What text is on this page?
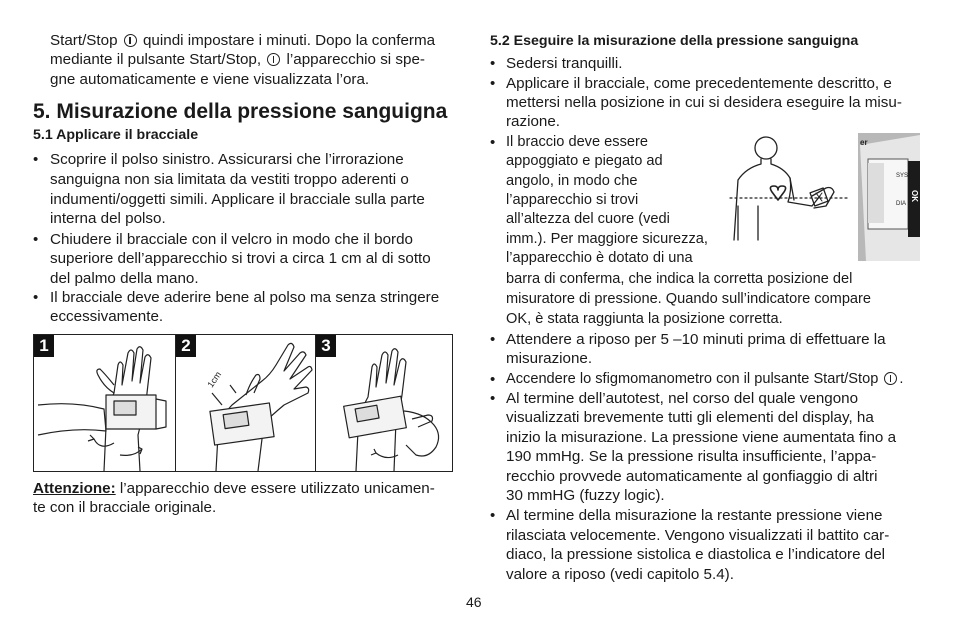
Start/Stop  quindi impostare i minuti. Dopo la conferma
mediante il pulsante Start/Stop,  l’apparecchio si spe-
gne automaticamente e viene visualizzata l’ora.
5. Misurazione della pressione sanguigna
5.1 Applicare il bracciale
• Scoprire il polso sinistro. Assicurarsi che l’irrorazione
sanguigna non sia limitata da vestiti troppo aderenti o
indumenti/oggetti simili. Applicare il bracciale sulla parte
interna del polso.
• Chiudere il bracciale con il velcro in modo che il bordo
superiore dell’apparecchio si trovi a circa 1 cm al di sotto
del palmo della mano.
• Il bracciale deve aderire bene al polso ma senza stringere
eccessivamente.
Attenzione: l’apparecchio deve essere utilizzato unicamen-
te con il bracciale originale.
1	2
1cm
3
5.2 Eseguire la misurazione della pressione sanguigna
• Sedersi tranquilli.
• Applicare il bracciale, come precedentemente descritto, e
mettersi nella posizione in cui si desidera eseguire la misu-
razione.
• Il braccio deve essere
appoggiato e piegato ad
angolo, in modo che
l’apparecchio si trovi
all’altezza del cuore (vedi
imm.). Per maggiore sicurezza,
l’apparecchio è dotato di una
barra di conferma, che indica la corretta posizione del
misuratore di pressione. Quando sull’indicatore compare
OK, è stata raggiunta la posizione corretta.
• Attendere a riposo per 5 –10 minuti prima di effettuare la
misurazione.
• Accendere lo sfigmomanometro con il pulsante Start/Stop .
• Al termine dell’autotest, nel corso del quale vengono
visualizzati brevemente tutti gli elementi del display, ha
inizio la misurazione. La pressione viene aumentata fino a
190 mmHg. Se la pressione risulta insufficiente, l’appa-
recchio provvede automaticamente al gonfiaggio di altri
30 mmHG (fuzzy logic).
• Al termine della misurazione la restante pressione viene
rilasciata velocemente. Vengono visualizzati il battito car-
diaco, la pressione sistolica e diastolica e l’indicatore del
valore a riposo (vedi capitolo 5.4).
SYS
DIA
OK
er
46
